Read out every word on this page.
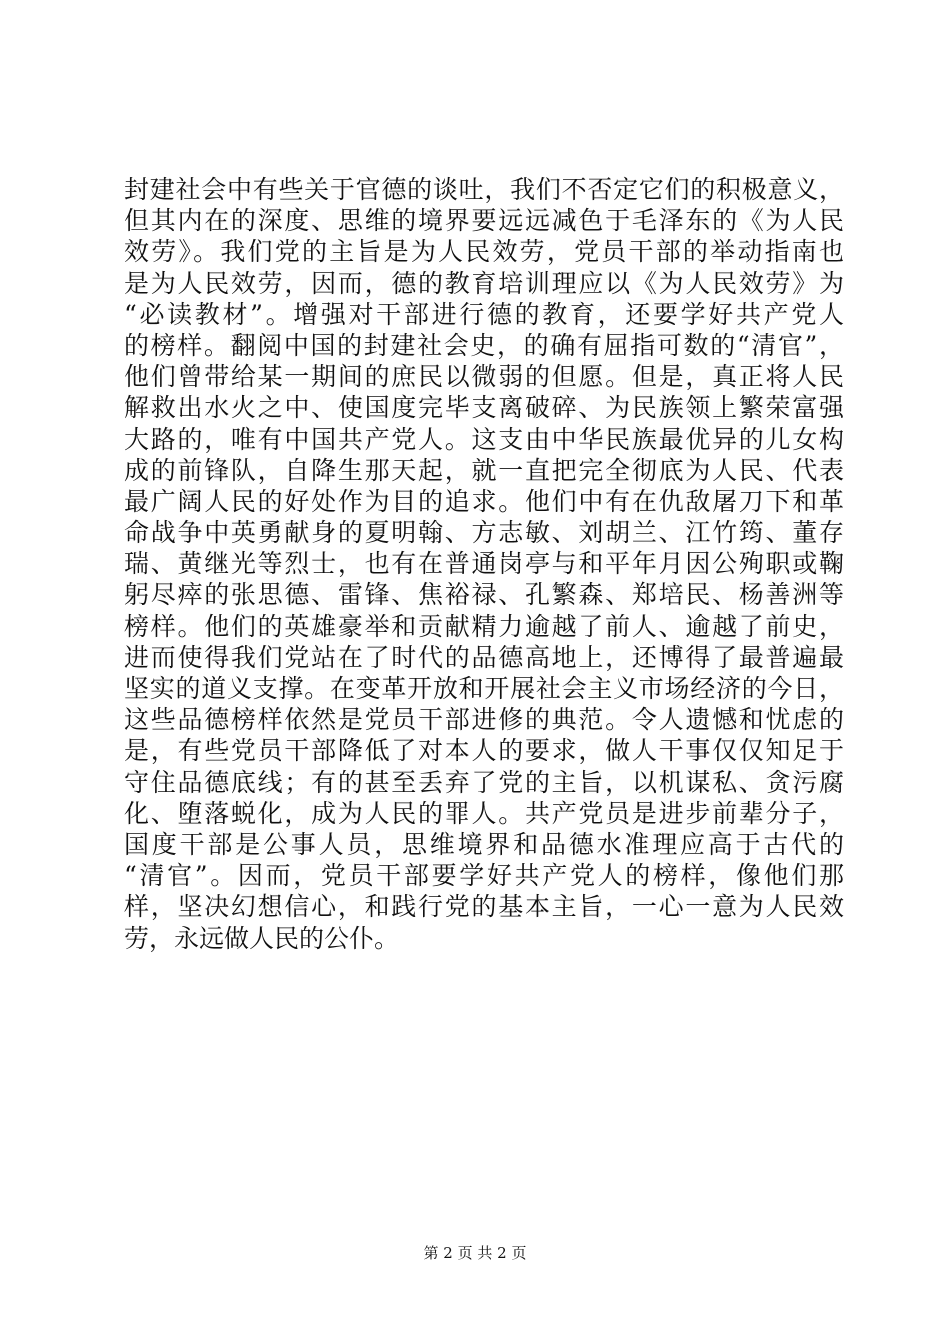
封建社会中有些关于官德的谈吐，我们不否定它们的积极意义，
但其内在的深度、思维的境界要远远减色于毛泽东的《为人民
效劳》。我们党的主旨是为人民效劳，党员干部的举动指南也
是为人民效劳，因而，德的教育培训理应以《为人民效劳》为
“必读教材”。增强对干部进行德的教育，还要学好共产党人
的榜样。翻阅中国的封建社会史，的确有屈指可数的“清官”，
他们曾带给某一期间的庶民以微弱的但愿。但是，真正将人民
解救出水火之中、使国度完毕支离破碎、为民族领上繁荣富强
大路的，唯有中国共产党人。这支由中华民族最优异的儿女构
成的前锋队，自降生那天起，就一直把完全彻底为人民、代表
最广阔人民的好处作为目的追求。他们中有在仇敌屠刀下和革
命战争中英勇献身的夏明翰、方志敏、刘胡兰、江竹筠、董存
瑞、黄继光等烈士，也有在普通岗亭与和平年月因公殉职或鞠
躬尽瘁的张思德、雷锋、焦裕禄、孔繁森、郑培民、杨善洲等
榜样。他们的英雄豪举和贡献精力逾越了前人、逾越了前史，
进而使得我们党站在了时代的品德高地上，还博得了最普遍最
坚实的道义支撑。在变革开放和开展社会主义市场经济的今日，
这些品德榜样依然是党员干部进修的典范。令人遗憾和忧虑的
是，有些党员干部降低了对本人的要求，做人干事仅仅知足于
守住品德底线；有的甚至丢弃了党的主旨，以机谋私、贪污腐
化、堕落蜕化，成为人民的罪人。共产党员是进步前辈分子，
国度干部是公事人员，思维境界和品德水准理应高于古代的
“清官”。因而，党员干部要学好共产党人的榜样，像他们那
样，坚决幻想信心，和践行党的基本主旨，一心一意为人民效
劳，永远做人民的公仆。
第 2 页 共 2 页
